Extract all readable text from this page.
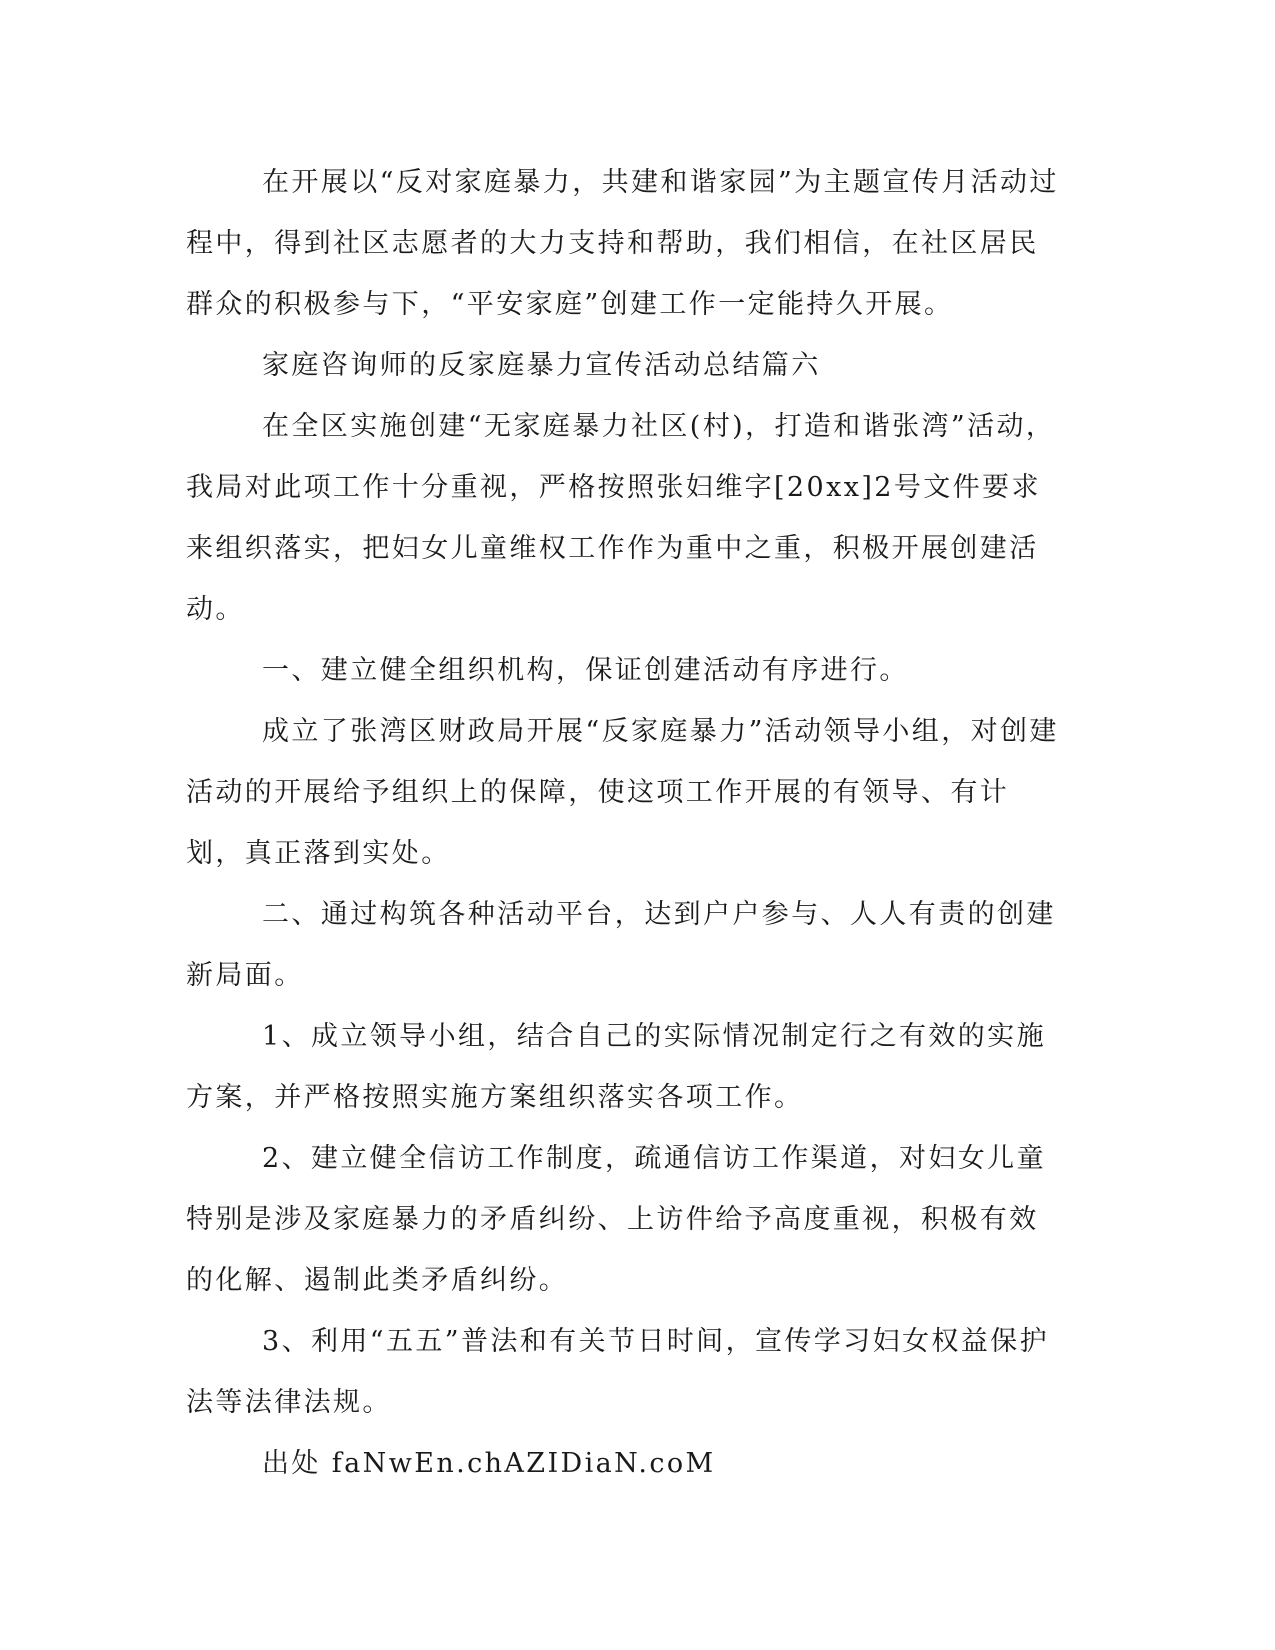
在开展以“反对家庭暴力，共建和谐家园”为主题宣传月活动过程中，得到社区志愿者的大力支持和帮助，我们相信，在社区居民群众的积极参与下，“平安家庭”创建工作一定能持久开展。

家庭咨询师的反家庭暴力宣传活动总结篇六

在全区实施创建“无家庭暴力社区(村)，打造和谐张湾”活动，我局对此项工作十分重视，严格按照张妇维字[20xx]2号文件要求来组织落实，把妇女儿童维权工作作为重中之重，积极开展创建活动。

一、建立健全组织机构，保证创建活动有序进行。

成立了张湾区财政局开展“反家庭暴力”活动领导小组，对创建活动的开展给予组织上的保障，使这项工作开展的有领导、有计划，真正落到实处。

二、通过构筑各种活动平台，达到户户参与、人人有责的创建新局面。

1、成立领导小组，结合自己的实际情况制定行之有效的实施方案，并严格按照实施方案组织落实各项工作。

2、建立健全信访工作制度，疏通信访工作渠道，对妇女儿童特别是涉及家庭暴力的矛盾纠纷、上访件给予高度重视，积极有效的化解、遏制此类矛盾纠纷。

3、利用“五五”普法和有关节日时间，宣传学习妇女权益保护法等法律法规。

出处 faNwEn.chAZIDiaN.coM
